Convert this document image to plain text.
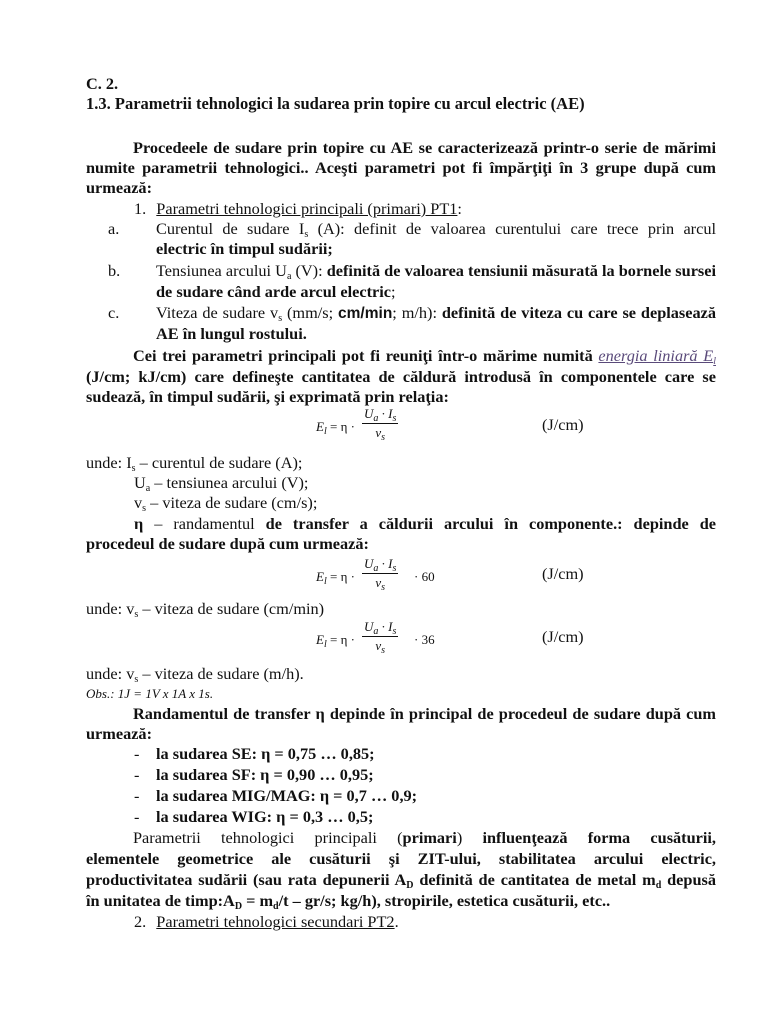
C. 2.
1.3. Parametrii tehnologici la sudarea prin topire cu arcul electric (AE)
Procedeele de sudare prin topire cu AE se caracterizează printr-o serie de mărimi
numite parametrii tehnologici.. Aceşti parametri pot fi împărţiţi în 3 grupe după cum
urmează:
1. Parametri tehnologici principali (primari) PT1:
a.	Curentul de sudare $I_s$ (A): definit de valoarea curentului care trece prin arcul
electric în timpul sudării;
b.	Tensiunea arcului $U_a$ (V): definită de valoarea tensiunii măsurată la bornele sursei
de sudare când arde arcul electric;
c.	Viteza de sudare $v_s$ (mm/s; cm/min; m/h): definită de viteza cu care se deplasează
AE în lungul rostului.
Cei trei parametri principali pot fi reuniţi într-o mărime numită energia liniară $E_l$
(J/cm; kJ/cm) care defineşte cantitatea de căldură introdusă în componentele care se
sudează, în timpul sudării, şi exprimată prin relaţia:
$E_l = \eta \cdot \frac{U_a \cdot I_s}{v_s}$	(J/cm)
unde: $I_s$ – curentul de sudare (A);
$U_a$ – tensiunea arcului (V);
$v_s$ – viteza de sudare (cm/s);
η – randamentul de transfer a căldurii arcului în componente.: depinde de
procedeul de sudare după cum urmează:
$E_l = \eta \cdot \frac{U_a \cdot I_s}{v_s} \cdot 60$	(J/cm)
unde: $v_s$ – viteza de sudare (cm/min)
$E_l = \eta \cdot \frac{U_a \cdot I_s}{v_s} \cdot 36$	(J/cm)
unde: $v_s$ – viteza de sudare (m/h).
Obs.: 1J = 1V x 1A x 1s.
Randamentul de transfer η depinde în principal de procedeul de sudare după cum
urmează:
-	la sudarea SE: η = 0,75 … 0,85;
-	la sudarea SF: η = 0,90 … 0,95;
-	la sudarea MIG/MAG: η = 0,7 … 0,9;
-	la sudarea WIG: η = 0,3 … 0,5;
Parametrii tehnologici principali (primari) influenţează forma cusăturii,
elementele geometrice ale cusăturii şi ZIT-ului, stabilitatea arcului electric,
productivitatea sudării (sau rata depunerii $A_D$ definită de cantitatea de metal $m_d$ depusă
în unitatea de $timp:A_D = m_d/t - gr/s$; kg/h), stropirile, estetica cusăturii, etc..
2. Parametri tehnologici secundari PT2.
